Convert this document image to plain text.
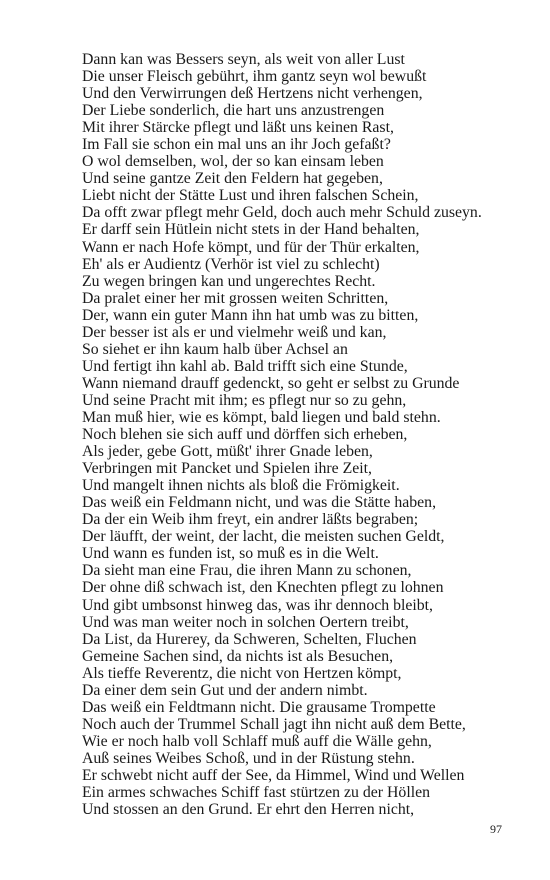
Dann kan was Bessers seyn, als weit von aller Lust
Die unser Fleisch gebührt, ihm gantz seyn wol bewußt
Und den Verwirrungen deß Hertzens nicht verhengen,
Der Liebe sonderlich, die hart uns anzustrengen
Mit ihrer Stärcke pflegt und läßt uns keinen Rast,
Im Fall sie schon ein mal uns an ihr Joch gefaßt?
O wol demselben, wol, der so kan einsam leben
Und seine gantze Zeit den Feldern hat gegeben,
Liebt nicht der Stätte Lust und ihren falschen Schein,
Da offt zwar pflegt mehr Geld, doch auch mehr Schuld zuseyn.
Er darff sein Hütlein nicht stets in der Hand behalten,
Wann er nach Hofe kömpt, und für der Thür erkalten,
Eh' als er Audientz (Verhör ist viel zu schlecht)
Zu wegen bringen kan und ungerechtes Recht.
Da pralet einer her mit grossen weiten Schritten,
Der, wann ein guter Mann ihn hat umb was zu bitten,
Der besser ist als er und vielmehr weiß und kan,
So siehet er ihn kaum halb über Achsel an
Und fertigt ihn kahl ab. Bald trifft sich eine Stunde,
Wann niemand drauff gedenckt, so geht er selbst zu Grunde
Und seine Pracht mit ihm; es pflegt nur so zu gehn,
Man muß hier, wie es kömpt, bald liegen und bald stehn.
Noch blehen sie sich auff und dörffen sich erheben,
Als jeder, gebe Gott, müßt' ihrer Gnade leben,
Verbringen mit Pancket und Spielen ihre Zeit,
Und mangelt ihnen nichts als bloß die Frömigkeit.
Das weiß ein Feldmann nicht, und was die Stätte haben,
Da der ein Weib ihm freyt, ein andrer läßts begraben;
Der läufft, der weint, der lacht, die meisten suchen Geldt,
Und wann es funden ist, so muß es in die Welt.
Da sieht man eine Frau, die ihren Mann zu schonen,
Der ohne diß schwach ist, den Knechten pflegt zu lohnen
Und gibt umbsonst hinweg das, was ihr dennoch bleibt,
Und was man weiter noch in solchen Oertern treibt,
Da List, da Hurerey, da Schweren, Schelten, Fluchen
Gemeine Sachen sind, da nichts ist als Besuchen,
Als tieffe Reverentz, die nicht von Hertzen kömpt,
Da einer dem sein Gut und der andern nimbt.
Das weiß ein Feldtmann nicht. Die grausame Trompette
Noch auch der Trummel Schall jagt ihn nicht auß dem Bette,
Wie er noch halb voll Schlaff muß auff die Wälle gehn,
Auß seines Weibes Schoß, und in der Rüstung stehn.
Er schwebt nicht auff der See, da Himmel, Wind und Wellen
Ein armes schwaches Schiff fast stürtzen zu der Höllen
Und stossen an den Grund. Er ehrt den Herren nicht,
97
